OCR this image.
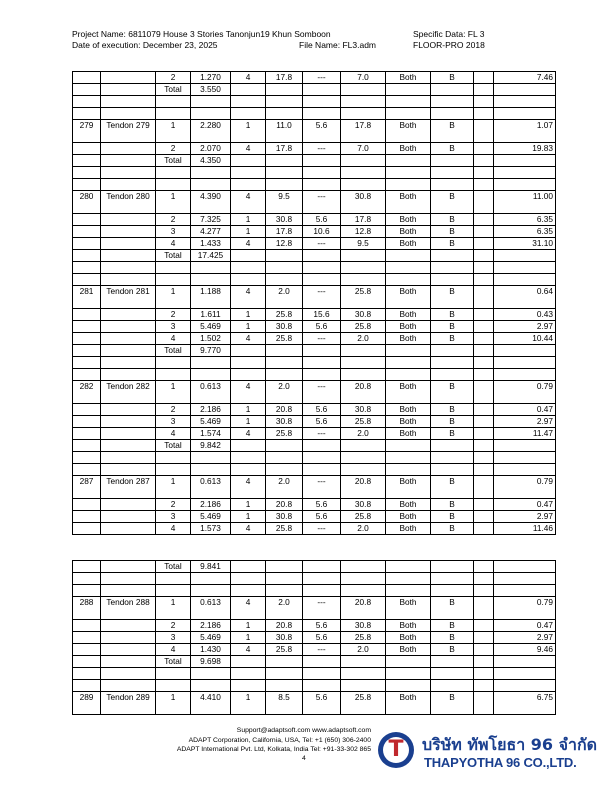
Project Name: 6811079 House 3 Stories Tanonjun19 Khun Somboon	Specific Data: FL 3
Date of execution: December 23, 2025	File Name: FL3.adm	FLOOR-PRO 2018
		2	1.270	4	17.8	---	7.0	Both	B		7.46
		Total	3.550								

279	Tendon 279	1	2.280	1	11.0	5.6	17.8	Both	B		1.07
		2	2.070	4	17.8	---	7.0	Both	B		19.83
		Total	4.350								

280	Tendon 280	1	4.390	4	9.5	---	30.8	Both	B		11.00
		2	7.325	1	30.8	5.6	17.8	Both	B		6.35
		3	4.277	1	17.8	10.6	12.8	Both	B		6.35
		4	1.433	4	12.8	---	9.5	Both	B		31.10
		Total	17.425								

281	Tendon 281	1	1.188	4	2.0	---	25.8	Both	B		0.64
		2	1.611	1	25.8	15.6	30.8	Both	B		0.43
		3	5.469	1	30.8	5.6	25.8	Both	B		2.97
		4	1.502	4	25.8	---	2.0	Both	B		10.44
		Total	9.770								

282	Tendon 282	1	0.613	4	2.0	---	20.8	Both	B		0.79
		2	2.186	1	20.8	5.6	30.8	Both	B		0.47
		3	5.469	1	30.8	5.6	25.8	Both	B		2.97
		4	1.574	4	25.8	---	2.0	Both	B		11.47
		Total	9.842								

287	Tendon 287	1	0.613	4	2.0	---	20.8	Both	B		0.79
		2	2.186	1	20.8	5.6	30.8	Both	B		0.47
		3	5.469	1	30.8	5.6	25.8	Both	B		2.97
		4	1.573	4	25.8	---	2.0	Both	B		11.46
		Total	9.841								

288	Tendon 288	1	0.613	4	2.0	---	20.8	Both	B		0.79
		2	2.186	1	20.8	5.6	30.8	Both	B		0.47
		3	5.469	1	30.8	5.6	25.8	Both	B		2.97
		4	1.430	4	25.8	---	2.0	Both	B		9.46
		Total	9.698								

289	Tendon 289	1	4.410	1	8.5	5.6	25.8	Both	B		6.75
Support@adaptsoft.com www.adaptsoft.com
ADAPT Corporation, California, USA, Tel: +1 (650) 306-2400
ADAPT International Pvt. Ltd, Kolkata, India Tel: +91-33-302 865
4	T	บริษัท ทัพโยธา 96 จำกัด
THAPYOTHA 96 CO.,LTD.
